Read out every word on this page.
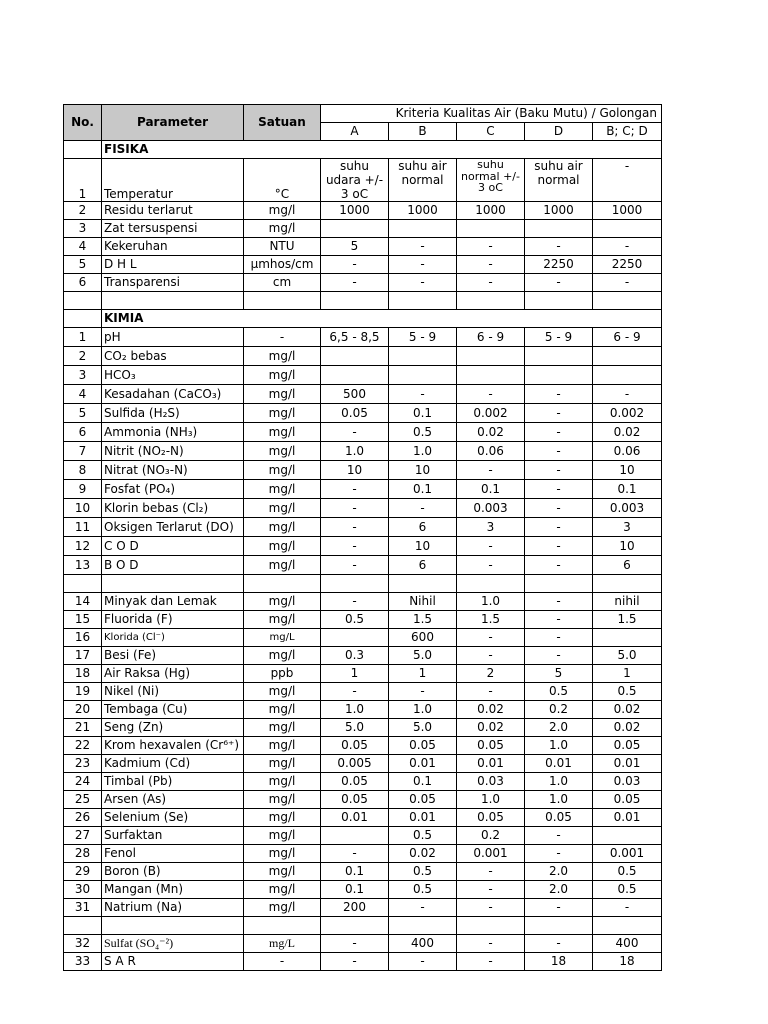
No.	Parameter	Satuan	Kriteria Kualitas Air (Baku Mutu) / Golongan				
			A	B	C	D	B; C; D
	FISIKA						
1	Temperatur	°C	suhu udara +/- 3 oC	suhu air normal	suhu normal +/- 3 oC	suhu air normal	-
2	Residu terlarut	mg/l	1000	1000	1000	1000	1000
3	Zat tersuspensi	mg/l					
4	Kekeruhan	NTU	5	-	-	-	-
5	D H L	µmhos/cm	-	-	-	2250	2250
6	Transparensi	cm	-	-	-	-	-

	KIMIA						
1	pH	-	6,5 - 8,5	5 - 9	6 - 9	5 - 9	6 - 9
2	CO₂ bebas	mg/l					
3	HCO₃	mg/l					
4	Kesadahan (CaCO₃)	mg/l	500	-	-	-	-
5	Sulfida (H₂S)	mg/l	0.05	0.1	0.002	-	0.002
6	Ammonia (NH₃)	mg/l	-	0.5	0.02	-	0.02
7	Nitrit (NO₂-N)	mg/l	1.0	1.0	0.06	-	0.06
8	Nitrat (NO₃-N)	mg/l	10	10	-	-	10
9	Fosfat (PO₄)	mg/l	-	0.1	0.1	-	0.1
10	Klorin bebas (Cl₂)	mg/l	-	-	0.003	-	0.003
11	Oksigen Terlarut (DO)	mg/l	-	6	3	-	3
12	C O D	mg/l	-	10	-	-	10
13	B O D	mg/l	-	6	-	-	6

14	Minyak dan Lemak	mg/l	-	Nihil	1.0	-	nihil
15	Fluorida (F)	mg/l	0.5	1.5	1.5	-	1.5
16	Klorida (Cl⁻)	mg/L		600	-	-	
17	Besi (Fe)	mg/l	0.3	5.0	-	-	5.0
18	Air Raksa (Hg)	ppb	1	1	2	5	1
19	Nikel (Ni)	mg/l	-	-	-	0.5	0.5
20	Tembaga (Cu)	mg/l	1.0	1.0	0.02	0.2	0.02
21	Seng (Zn)	mg/l	5.0	5.0	0.02	2.0	0.02
22	Krom hexavalen (Cr⁶⁺)	mg/l	0.05	0.05	0.05	1.0	0.05
23	Kadmium (Cd)	mg/l	0.005	0.01	0.01	0.01	0.01
24	Timbal (Pb)	mg/l	0.05	0.1	0.03	1.0	0.03
25	Arsen (As)	mg/l	0.05	0.05	1.0	1.0	0.05
26	Selenium (Se)	mg/l	0.01	0.01	0.05	0.05	0.01
27	Surfaktan	mg/l		0.5	0.2	-	
28	Fenol	mg/l	-	0.02	0.001	-	0.001
29	Boron (B)	mg/l	0.1	0.5	-	2.0	0.5
30	Mangan (Mn)	mg/l	0.1	0.5	-	2.0	0.5
31	Natrium (Na)	mg/l	200	-	-	-	-

32	Sulfat (SO₄⁻²)	mg/L	-	400	-	-	400
33	S A R	-	-	-	-	18	18
